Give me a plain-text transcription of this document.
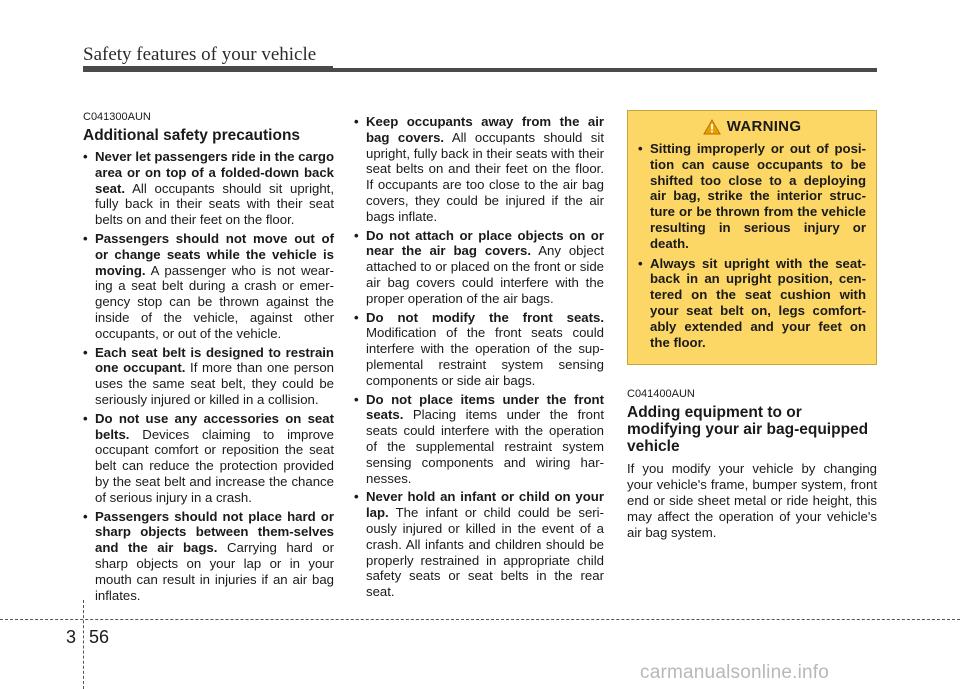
Safety features of your vehicle
C041300AUN
Additional safety precautions
• Never let passengers ride in the cargo area or on top of a folded-down back seat. All occupants should sit upright, fully back in their seats with their seat belts on and their feet on the floor.
• Passengers should not move out of or change seats while the vehicle is moving. A passenger who is not wear-ing a seat belt during a crash or emer-gency stop can be thrown against the inside of the vehicle, against other occupants, or out of the vehicle.
• Each seat belt is designed to restrain one occupant. If more than one person uses the same seat belt, they could be seriously injured or killed in a collision.
• Do not use any accessories on seat belts. Devices claiming to improve occupant comfort or reposition the seat belt can reduce the protection provided by the seat belt and increase the chance of serious injury in a crash.
• Passengers should not place hard or sharp objects between them-selves and the air bags. Carrying hard or sharp objects on your lap or in your mouth can result in injuries if an air bag inflates.
• Keep occupants away from the air bag covers. All occupants should sit upright, fully back in their seats with their seat belts on and their feet on the floor. If occupants are too close to the air bag covers, they could be injured if the air bags inflate.
• Do not attach or place objects on or near the air bag covers. Any object attached to or placed on the front or side air bag covers could interfere with the proper operation of the air bags.
• Do not modify the front seats. Modification of the front seats could interfere with the operation of the sup-plemental restraint system sensing components or side air bags.
• Do not place items under the front seats. Placing items under the front seats could interfere with the operation of the supplemental restraint system sensing components and wiring har-nesses.
• Never hold an infant or child on your lap. The infant or child could be seri-ously injured or killed in the event of a crash. All infants and children should be properly restrained in appropriate child safety seats or seat belts in the rear seat.
WARNING
• Sitting improperly or out of posi-tion can cause occupants to be shifted too close to a deploying air bag, strike the interior struc-ture or be thrown from the vehicle resulting in serious injury or death.
• Always sit upright with the seat-back in an upright position, cen-tered on the seat cushion with your seat belt on, legs comfort-ably extended and your feet on the floor.
C041400AUN
Adding equipment to or modifying your air bag-equipped vehicle

If you modify your vehicle by changing your vehicle's frame, bumper system, front end or side sheet metal or ride height, this may affect the operation of your vehicle's air bag system.

3 56
carmanualsonline.info
